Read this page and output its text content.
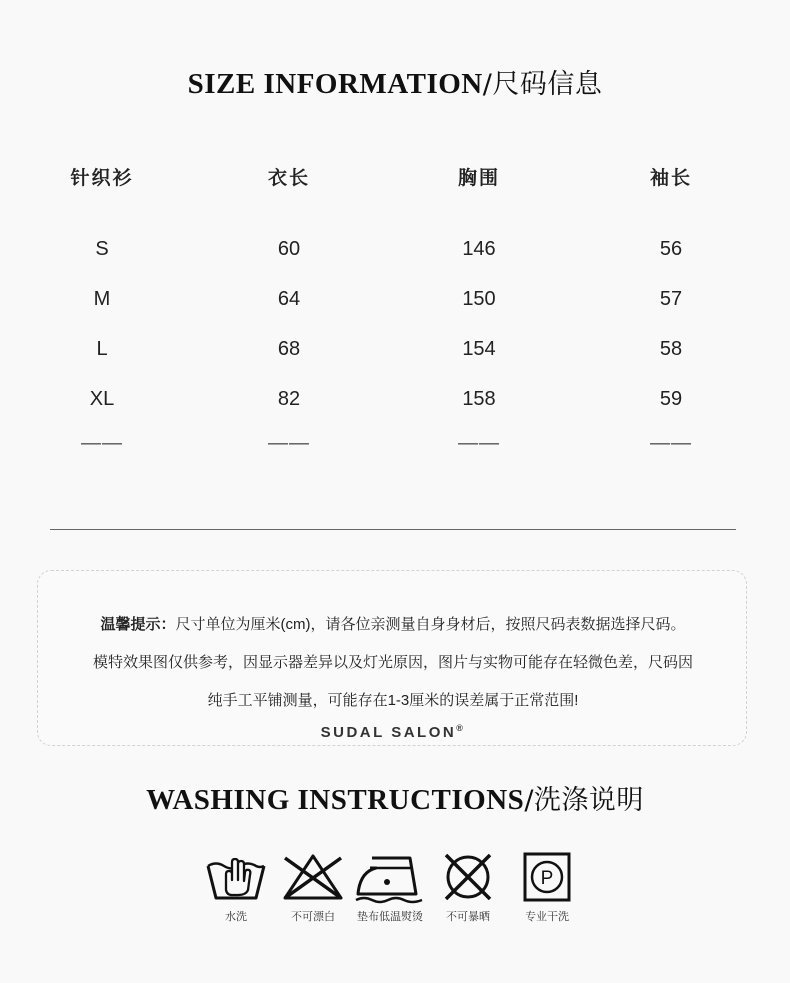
SIZE INFORMATION/尺码信息
针织衫	衣长	胸围	袖长
S	60	146	56
M	64	150	57
L	68	154	58
XL	82	158	59
——	——	——	——
温馨提示：尺寸单位为厘米(cm)，请各位亲测量自身身材后，按照尺码表数据选择尺码。
模特效果图仅供参考，因显示器差异以及灯光原因，图片与实物可能存在轻微色差，尺码因
纯手工平铺测量，可能存在1-3厘米的误差属于正常范围!
SUDAL SALON®
WASHING INSTRUCTIONS/洗涤说明
水洗	不可漂白	垫布低温熨烫	不可暴晒
P
专业干洗
